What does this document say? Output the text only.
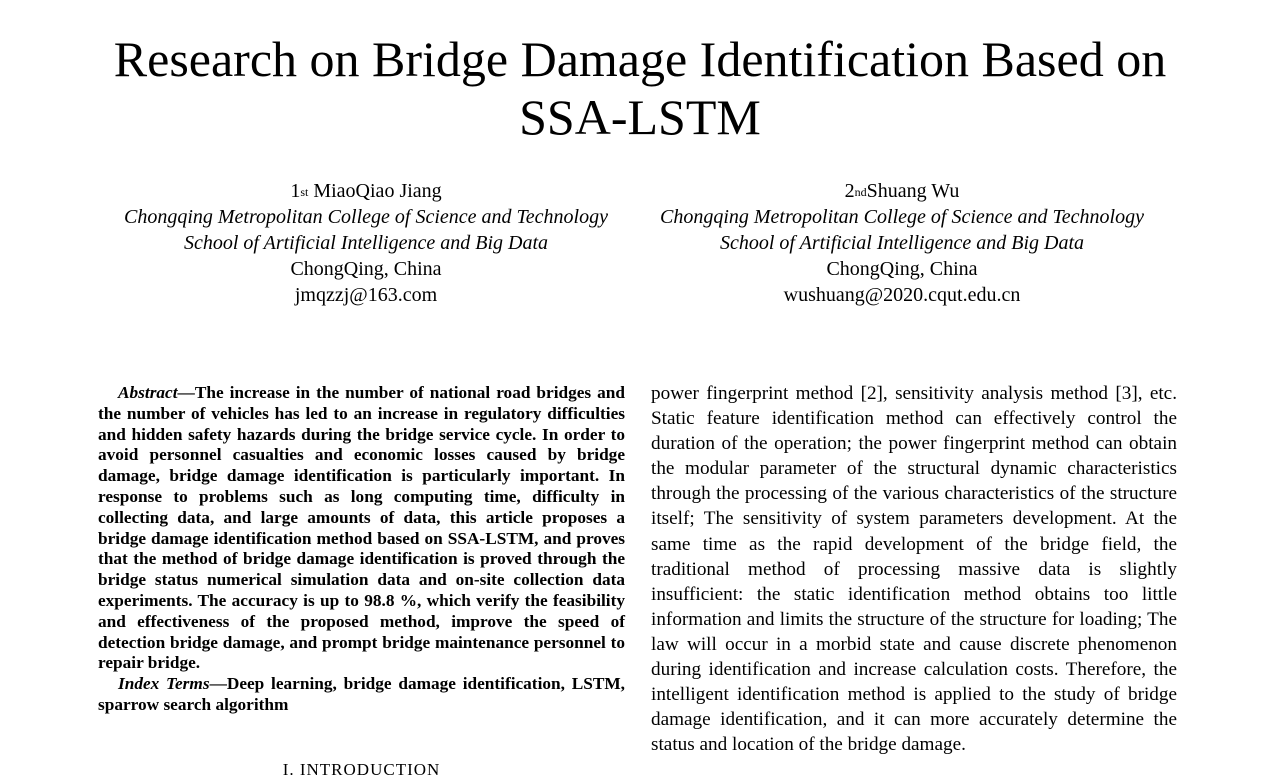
Research on Bridge Damage Identification Based on SSA-LSTM
1st MiaoQiao Jiang
Chongqing Metropolitan College of Science and Technology
School of Artificial Intelligence and Big Data
ChongQing, China
jmqzzj@163.com
2ndShuang Wu
Chongqing Metropolitan College of Science and Technology
School of Artificial Intelligence and Big Data
ChongQing, China
wushuang@2020.cqut.edu.cn

Abstract—The increase in the number of national road bridges and the number of vehicles has led to an increase in regulatory difficulties and hidden safety hazards during the bridge service cycle. In order to avoid personnel casualties and economic losses caused by bridge damage, bridge damage identification is particularly important. In response to problems such as long computing time, difficulty in collecting data, and large amounts of data, this article proposes a bridge damage identification method based on SSA-LSTM, and proves that the method of bridge damage identification is proved through the bridge status numerical simulation data and on-site collection data experiments. The accuracy is up to 98.8 %, which verify the feasibility and effectiveness of the proposed method, improve the speed of detection bridge damage, and prompt bridge maintenance personnel to repair bridge.

Index Terms—Deep learning, bridge damage identification, LSTM, sparrow search algorithm

I. INTRODUCTION

power fingerprint method [2], sensitivity analysis method [3], etc. Static feature identification method can effectively control the duration of the operation; the power fingerprint method can obtain the modular parameter of the structural dynamic characteristics through the processing of the various characteristics of the structure itself; The sensitivity of system parameters development. At the same time as the rapid development of the bridge field, the traditional method of processing massive data is slightly insufficient: the static identification method obtains too little information and limits the structure of the structure for loading; The law will occur in a morbid state and cause discrete phenomenon during identification and increase calculation costs. Therefore, the intelligent identification method is applied to the study of bridge damage identification, and it can more accurately determine the status and location of the bridge damage.
